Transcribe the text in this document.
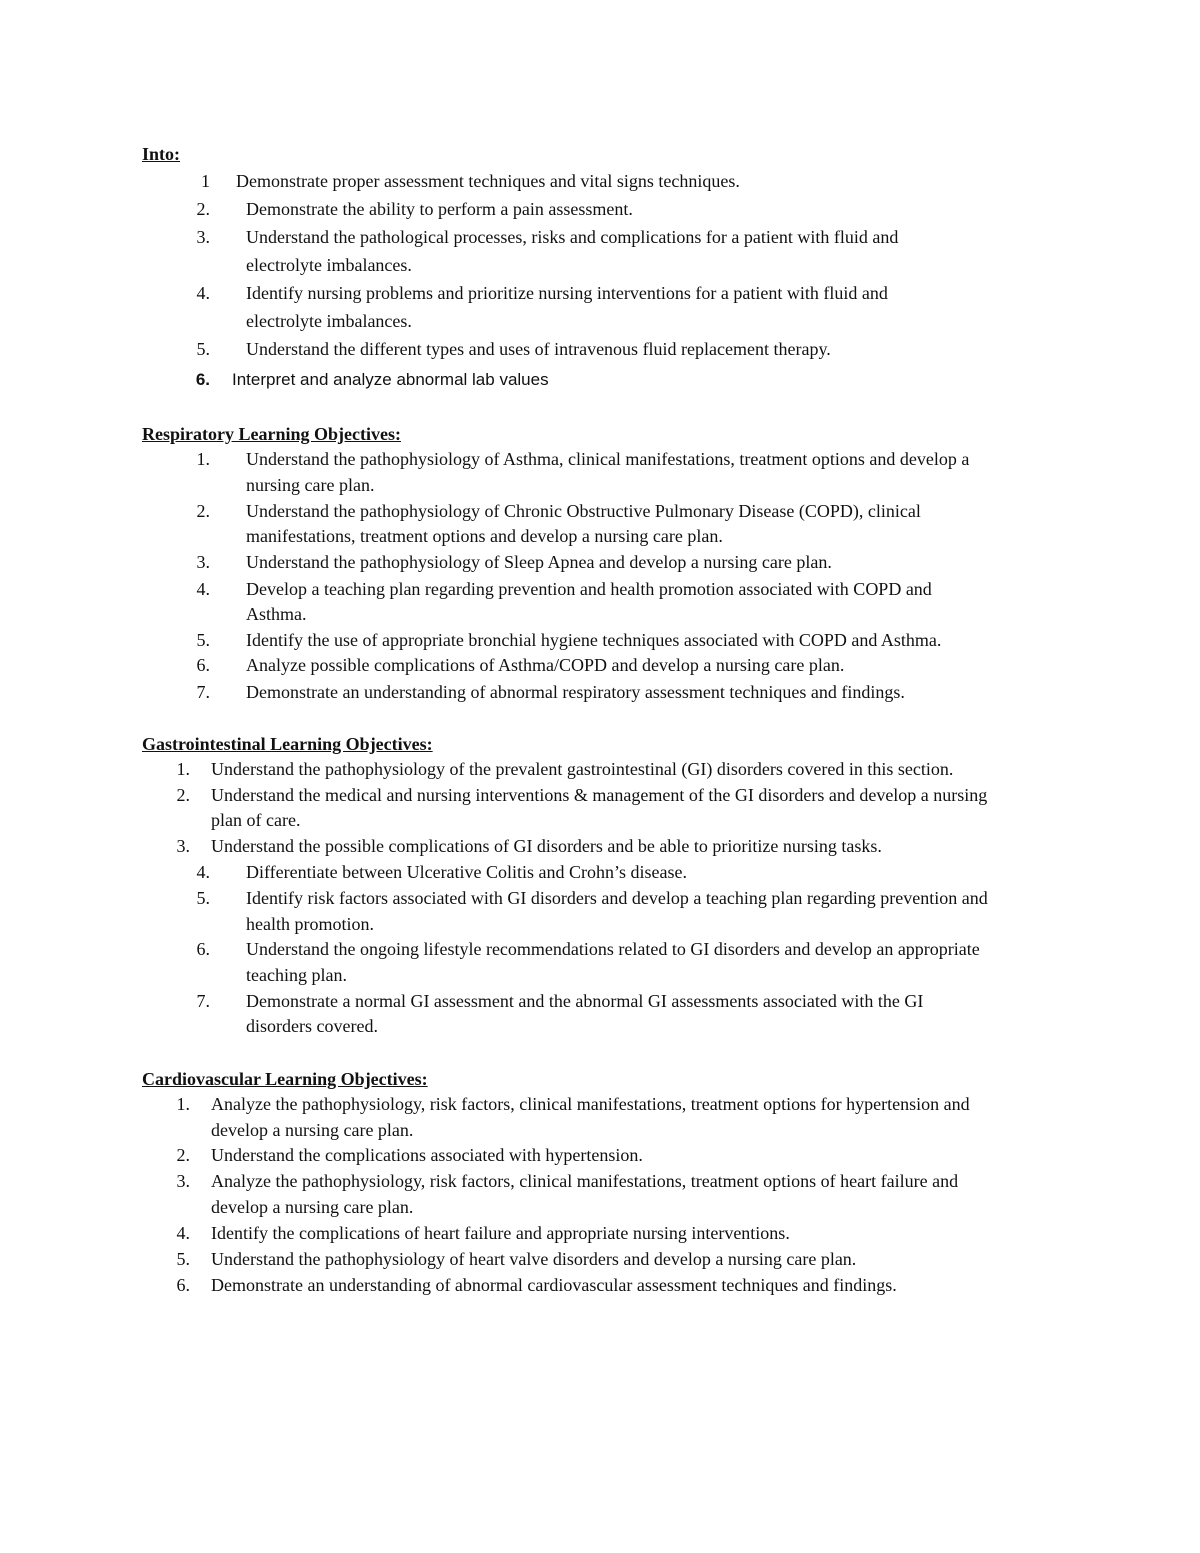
Into:
1 Demonstrate proper assessment techniques and vital signs techniques.
2. Demonstrate the ability to perform a pain assessment.
3. Understand the pathological processes, risks and complications for a patient with fluid and
electrolyte imbalances.
4. Identify nursing problems and prioritize nursing interventions for a patient with fluid and
electrolyte imbalances.
5. Understand the different types and uses of intravenous fluid replacement therapy.
6. Interpret and analyze abnormal lab values
Respiratory Learning Objectives:
1. Understand the pathophysiology of Asthma, clinical manifestations, treatment options and develop a
nursing care plan.
2. Understand the pathophysiology of Chronic Obstructive Pulmonary Disease (COPD), clinical
manifestations, treatment options and develop a nursing care plan.
3. Understand the pathophysiology of Sleep Apnea and develop a nursing care plan.
4. Develop a teaching plan regarding prevention and health promotion associated with COPD and
Asthma.
5. Identify the use of appropriate bronchial hygiene techniques associated with COPD and Asthma.
6. Analyze possible complications of Asthma/COPD and develop a nursing care plan.
7. Demonstrate an understanding of abnormal respiratory assessment techniques and findings.
Gastrointestinal Learning Objectives:
1. Understand the pathophysiology of the prevalent gastrointestinal (GI) disorders covered in this section.
2. Understand the medical and nursing interventions & management of the GI disorders and develop a nursing
plan of care.
3. Understand the possible complications of GI disorders and be able to prioritize nursing tasks.
4. Differentiate between Ulcerative Colitis and Crohn’s disease.
5. Identify risk factors associated with GI disorders and develop a teaching plan regarding prevention and
health promotion.
6. Understand the ongoing lifestyle recommendations related to GI disorders and develop an appropriate
teaching plan.
7. Demonstrate a normal GI assessment and the abnormal GI assessments associated with the GI
disorders covered.
Cardiovascular Learning Objectives:
1. Analyze the pathophysiology, risk factors, clinical manifestations, treatment options for hypertension and
develop a nursing care plan.
2. Understand the complications associated with hypertension.
3. Analyze the pathophysiology, risk factors, clinical manifestations, treatment options of heart failure and
develop a nursing care plan.
4. Identify the complications of heart failure and appropriate nursing interventions.
5. Understand the pathophysiology of heart valve disorders and develop a nursing care plan.
6. Demonstrate an understanding of abnormal cardiovascular assessment techniques and findings.
